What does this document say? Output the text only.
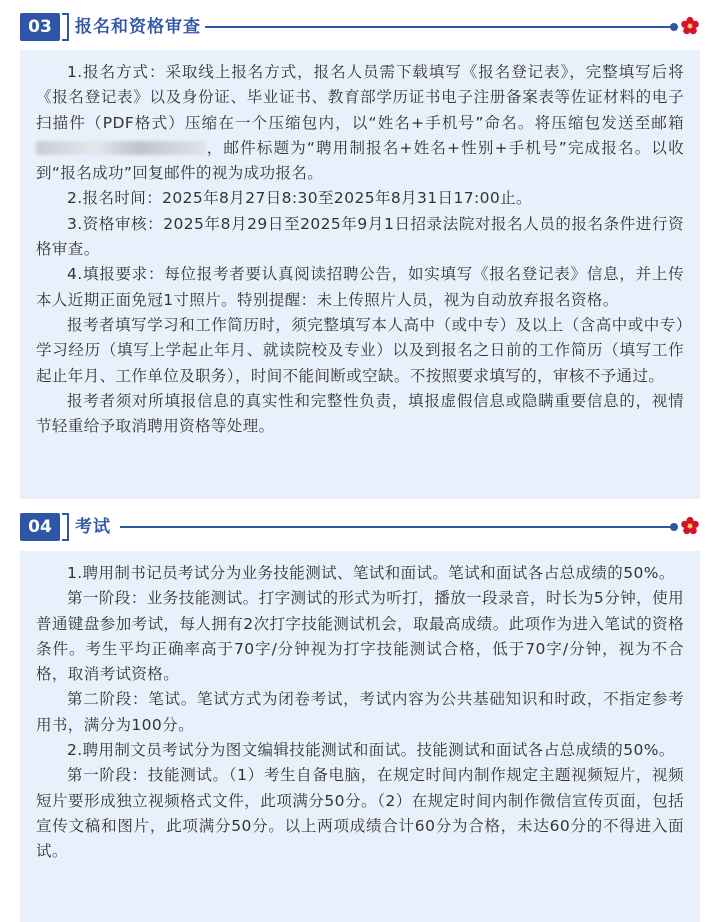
03	报名和资格审查

1.报名方式：采取线上报名方式，报名人员需下载填写《报名登记表》，完整填写后将《报名登记表》以及身份证、毕业证书、教育部学历证书电子注册备案表等佐证材料的电子扫描件（PDF格式）压缩在一个压缩包内，以“姓名+手机号”命名。将压缩包发送至邮箱，邮件标题为“聘用制报名+姓名+性别+手机号”完成报名。以收到“报名成功”回复邮件的视为成功报名。

2.报名时间：2025年8月27日8:30至2025年8月31日17:00止。

3.资格审核：2025年8月29日至2025年9月1日招录法院对报名人员的报名条件进行资格审查。

4.填报要求：每位报考者要认真阅读招聘公告，如实填写《报名登记表》信息，并上传本人近期正面免冠1寸照片。特别提醒：未上传照片人员，视为自动放弃报名资格。

报考者填写学习和工作简历时，须完整填写本人高中（或中专）及以上（含高中或中专）学习经历（填写上学起止年月、就读院校及专业）以及到报名之日前的工作简历（填写工作起止年月、工作单位及职务），时间不能间断或空缺。不按照要求填写的，审核不予通过。

报考者须对所填报信息的真实性和完整性负责，填报虚假信息或隐瞒重要信息的，视情节轻重给予取消聘用资格等处理。

04	考试

1.聘用制书记员考试分为业务技能测试、笔试和面试。笔试和面试各占总成绩的50%。

第一阶段：业务技能测试。打字测试的形式为听打，播放一段录音，时长为5分钟，使用普通键盘参加考试，每人拥有2次打字技能测试机会，取最高成绩。此项作为进入笔试的资格条件。考生平均正确率高于70字/分钟视为打字技能测试合格，低于70字/分钟，视为不合格，取消考试资格。

第二阶段：笔试。笔试方式为闭卷考试，考试内容为公共基础知识和时政，不指定参考用书，满分为100分。

2.聘用制文员考试分为图文编辑技能测试和面试。技能测试和面试各占总成绩的50%。

第一阶段：技能测试。（1）考生自备电脑，在规定时间内制作规定主题视频短片，视频短片要形成独立视频格式文件，此项满分50分。（2）在规定时间内制作微信宣传页面，包括宣传文稿和图片，此项满分50分。以上两项成绩合计60分为合格，未达60分的不得进入面试。
